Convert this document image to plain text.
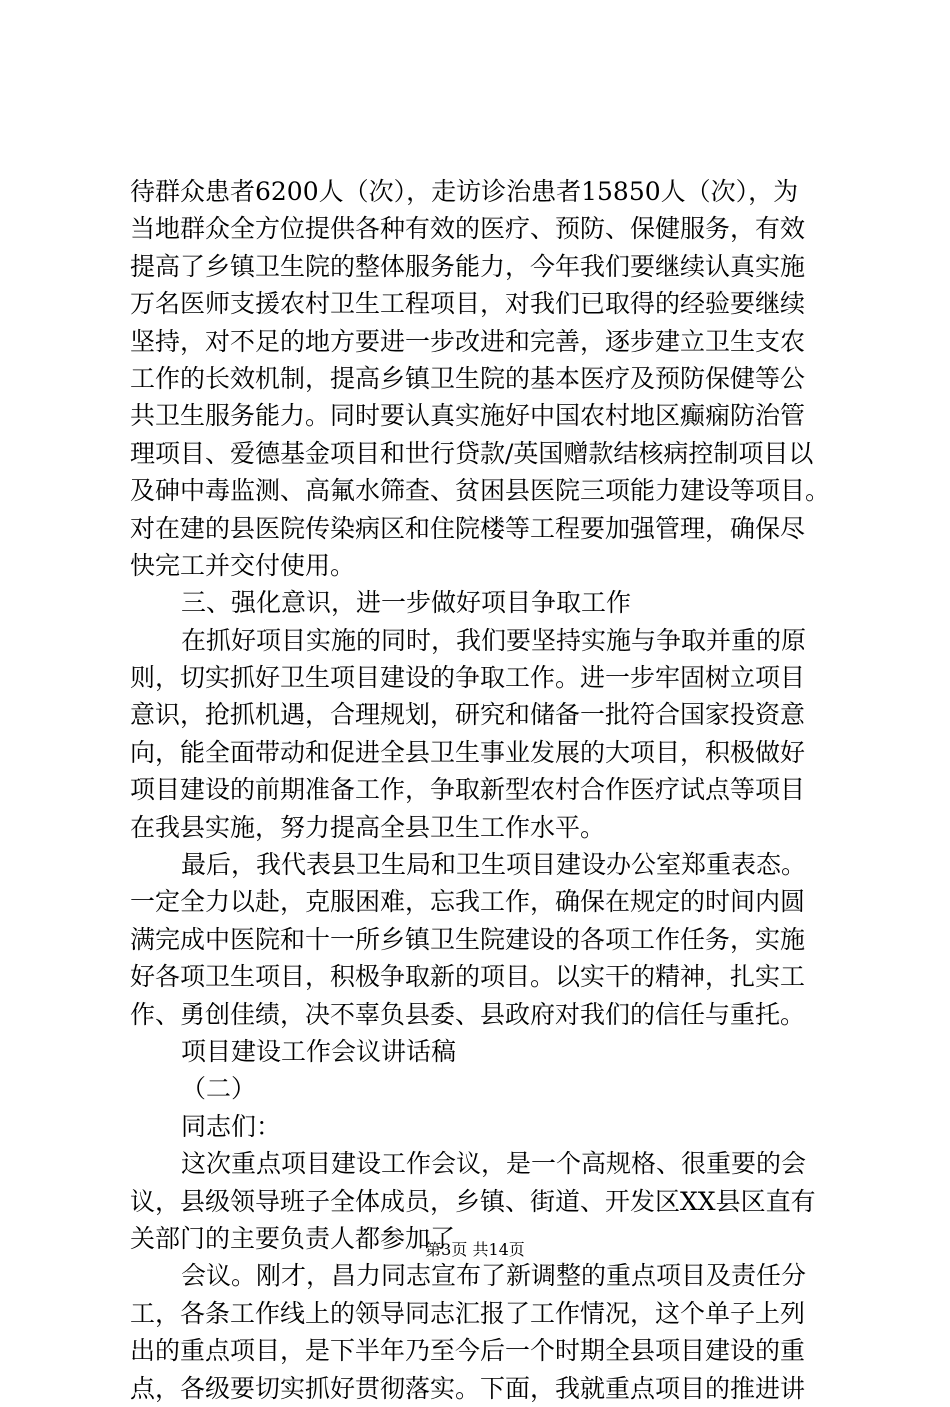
待群众患者6200人（次），走访诊治患者15850人（次），为
当地群众全方位提供各种有效的医疗、预防、保健服务，有效
提高了乡镇卫生院的整体服务能力，今年我们要继续认真实施
万名医师支援农村卫生工程项目，对我们已取得的经验要继续
坚持，对不足的地方要进一步改进和完善，逐步建立卫生支农
工作的长效机制，提高乡镇卫生院的基本医疗及预防保健等公
共卫生服务能力。同时要认真实施好中国农村地区癫痫防治管
理项目、爱德基金项目和世行贷款/英国赠款结核病控制项目以
及砷中毒监测、高氟水筛查、贫困县医院三项能力建设等项目。
对在建的县医院传染病区和住院楼等工程要加强管理，确保尽
快完工并交付使用。
三、强化意识，进一步做好项目争取工作
在抓好项目实施的同时，我们要坚持实施与争取并重的原
则，切实抓好卫生项目建设的争取工作。进一步牢固树立项目
意识，抢抓机遇，合理规划，研究和储备一批符合国家投资意
向，能全面带动和促进全县卫生事业发展的大项目，积极做好
项目建设的前期准备工作，争取新型农村合作医疗试点等项目
在我县实施，努力提高全县卫生工作水平。
最后，我代表县卫生局和卫生项目建设办公室郑重表态。
一定全力以赴，克服困难，忘我工作，确保在规定的时间内圆
满完成中医院和十一所乡镇卫生院建设的各项工作任务，实施
好各项卫生项目，积极争取新的项目。以实干的精神，扎实工
作、勇创佳绩，决不辜负县委、县政府对我们的信任与重托。
项目建设工作会议讲话稿
（二）
同志们：
这次重点项目建设工作会议，是一个高规格、很重要的会
议，县级领导班子全体成员，乡镇、街道、开发区XX县区直有
关部门的主要负责人都参加了
会议。刚才，昌力同志宣布了新调整的重点项目及责任分
工，各条工作线上的领导同志汇报了工作情况，这个单子上列
出的重点项目，是下半年乃至今后一个时期全县项目建设的重
点，各级要切实抓好贯彻落实。下面，我就重点项目的推进讲
第3页 共14页
